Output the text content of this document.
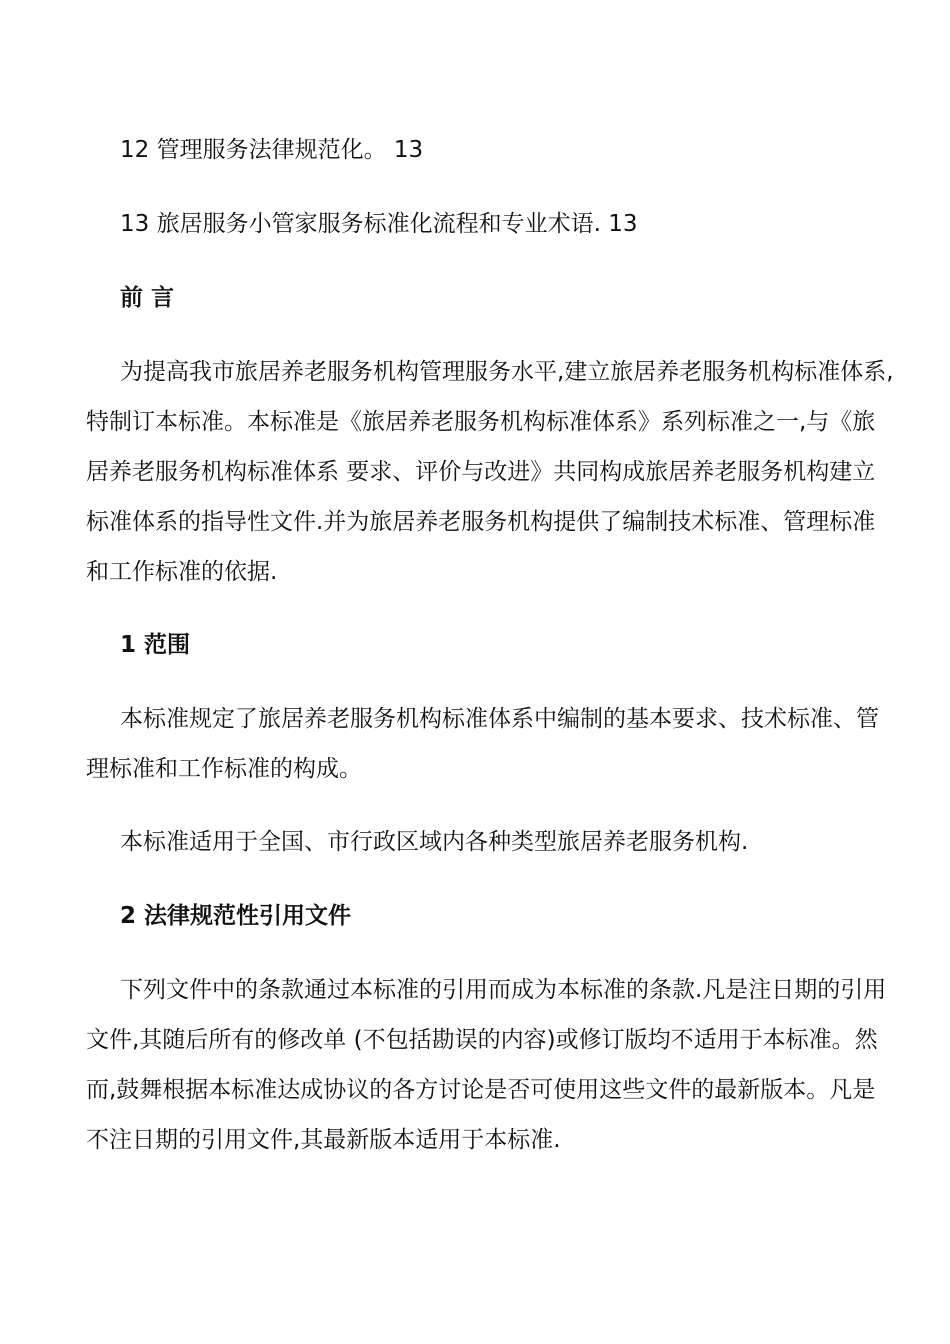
12 管理服务法律规范化。 13
13 旅居服务小管家服务标准化流程和专业术语. 13
前 言
为提高我市旅居养老服务机构管理服务水平,建立旅居养老服务机构标准体系,
特制订本标准。本标准是《旅居养老服务机构标准体系》系列标准之一,与《旅
居养老服务机构标准体系 要求、评价与改进》共同构成旅居养老服务机构建立
标准体系的指导性文件.并为旅居养老服务机构提供了编制技术标准、管理标准
和工作标准的依据.
1 范围
本标准规定了旅居养老服务机构标准体系中编制的基本要求、技术标准、管
理标准和工作标准的构成。
本标准适用于全国、市行政区域内各种类型旅居养老服务机构.
2 法律规范性引用文件
下列文件中的条款通过本标准的引用而成为本标准的条款.凡是注日期的引用
文件,其随后所有的修改单 (不包括勘误的内容)或修订版均不适用于本标准。然
而,鼓舞根据本标准达成协议的各方讨论是否可使用这些文件的最新版本。凡是
不注日期的引用文件,其最新版本适用于本标准.
